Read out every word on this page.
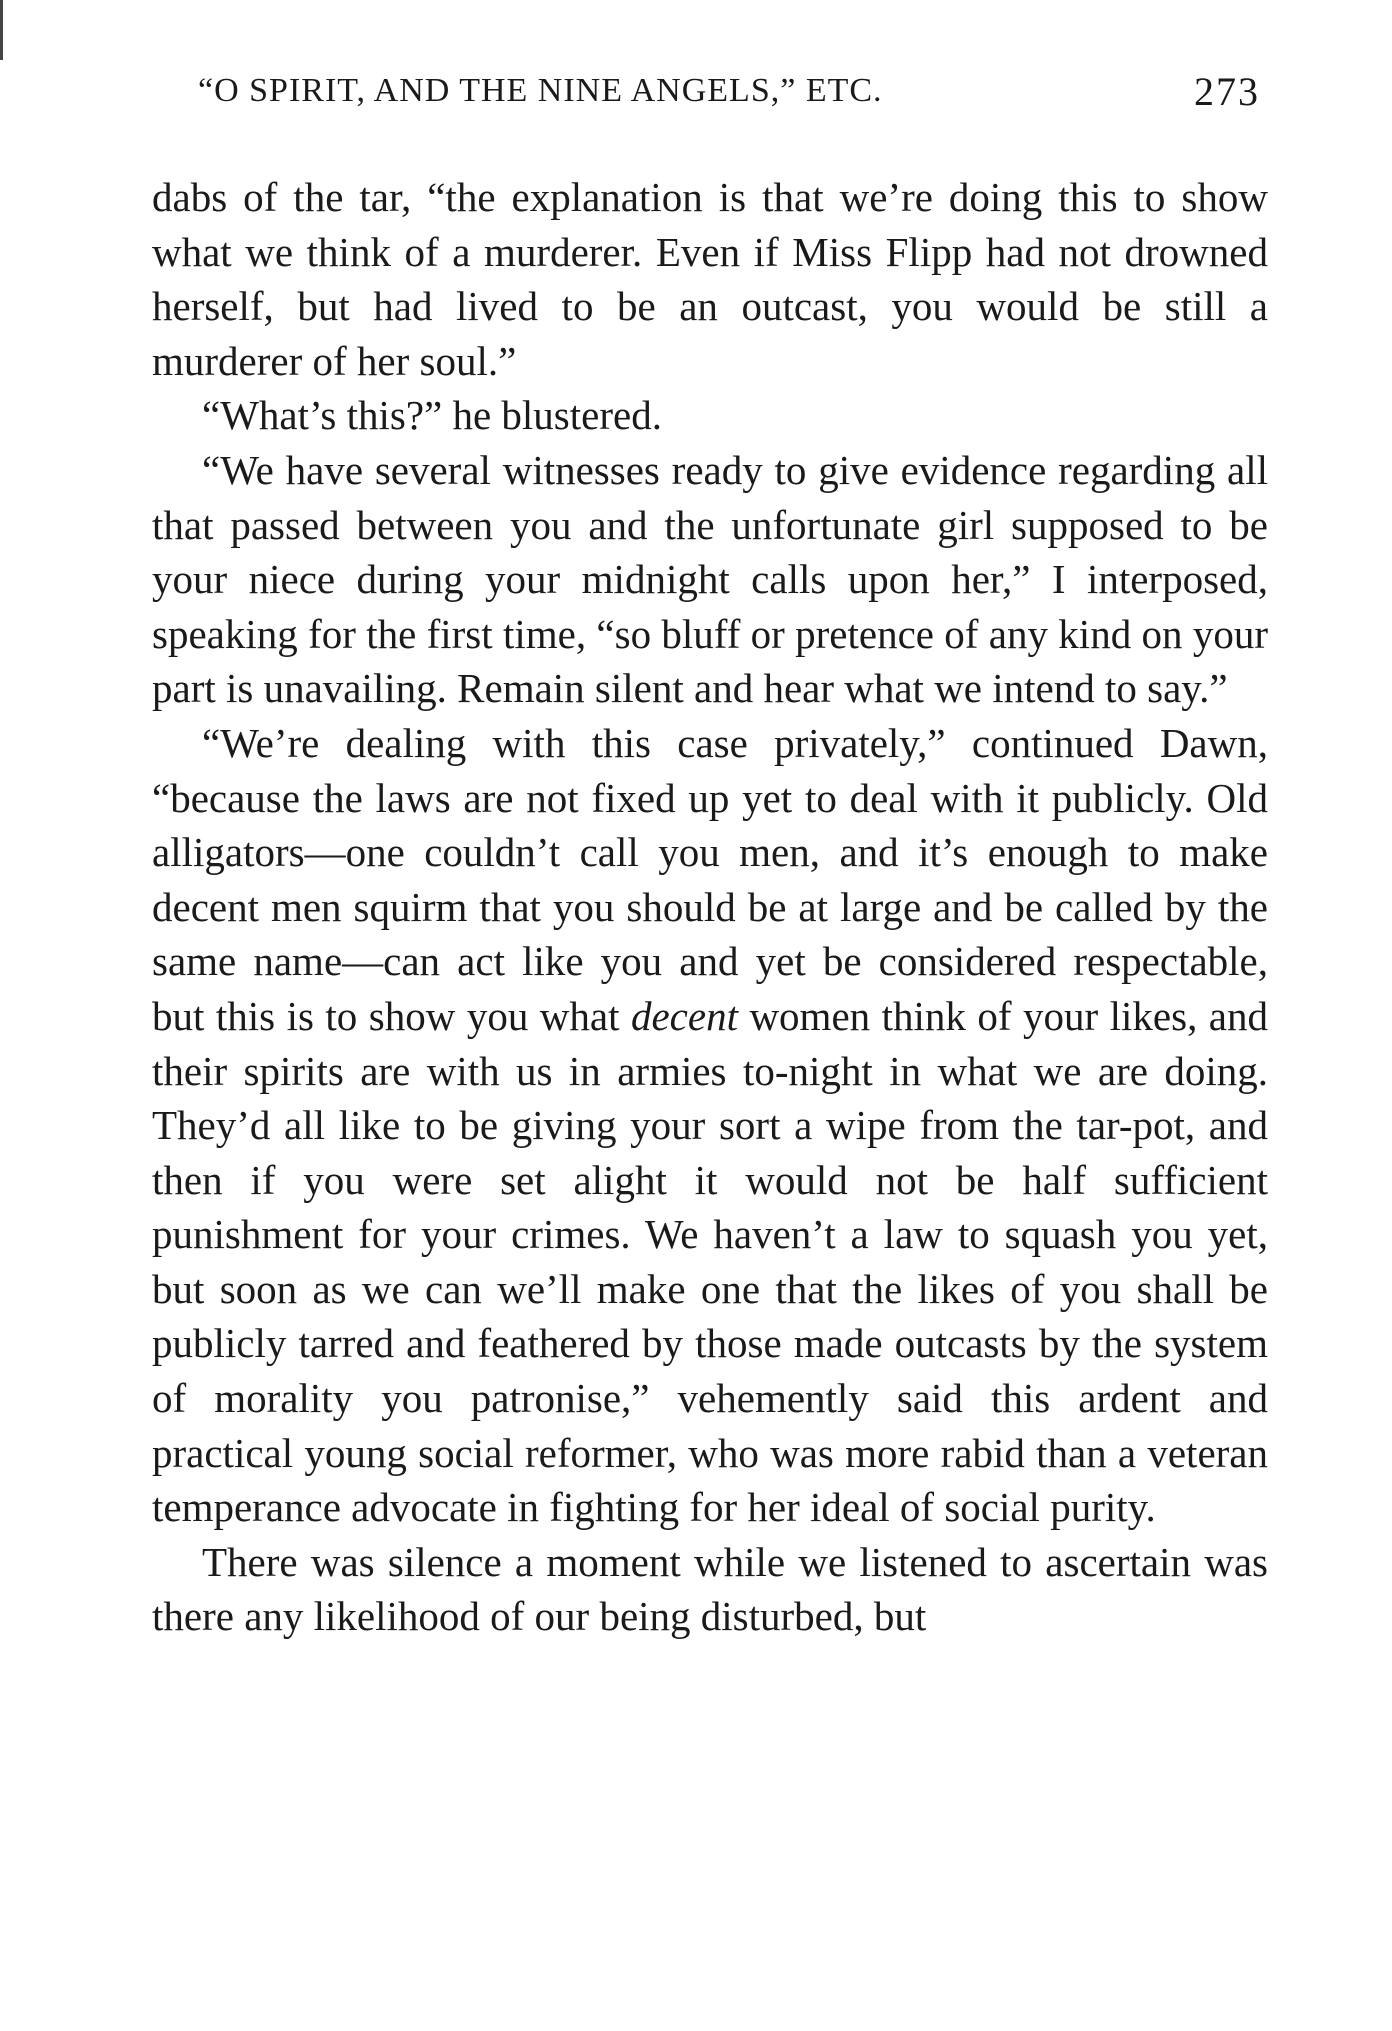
“O SPIRIT, AND THE NINE ANGELS,” ETC.	273

dabs of the tar, “the explanation is that we’re doing this to show what we think of a murderer. Even if Miss Flipp had not drowned herself, but had lived to be an outcast, you would be still a murderer of her soul.”

“What’s this?” he blustered.

“We have several witnesses ready to give evidence regarding all that passed between you and the unfortunate girl supposed to be your niece during your midnight calls upon her,” I interposed, speaking for the first time, “so bluff or pretence of any kind on your part is unavailing. Remain silent and hear what we intend to say.”

“We’re dealing with this case privately,” continued Dawn, “because the laws are not fixed up yet to deal with it publicly. Old alligators—one couldn’t call you men, and it’s enough to make decent men squirm that you should be at large and be called by the same name—can act like you and yet be considered respectable, but this is to show you what decent women think of your likes, and their spirits are with us in armies to-night in what we are doing. They’d all like to be giving your sort a wipe from the tar-pot, and then if you were set alight it would not be half sufficient punishment for your crimes. We haven’t a law to squash you yet, but soon as we can we’ll make one that the likes of you shall be publicly tarred and feathered by those made outcasts by the system of morality you patronise,” vehemently said this ardent and practical young social reformer, who was more rabid than a veteran temperance advocate in fighting for her ideal of social purity.

There was silence a moment while we listened to ascertain was there any likelihood of our being disturbed, but
